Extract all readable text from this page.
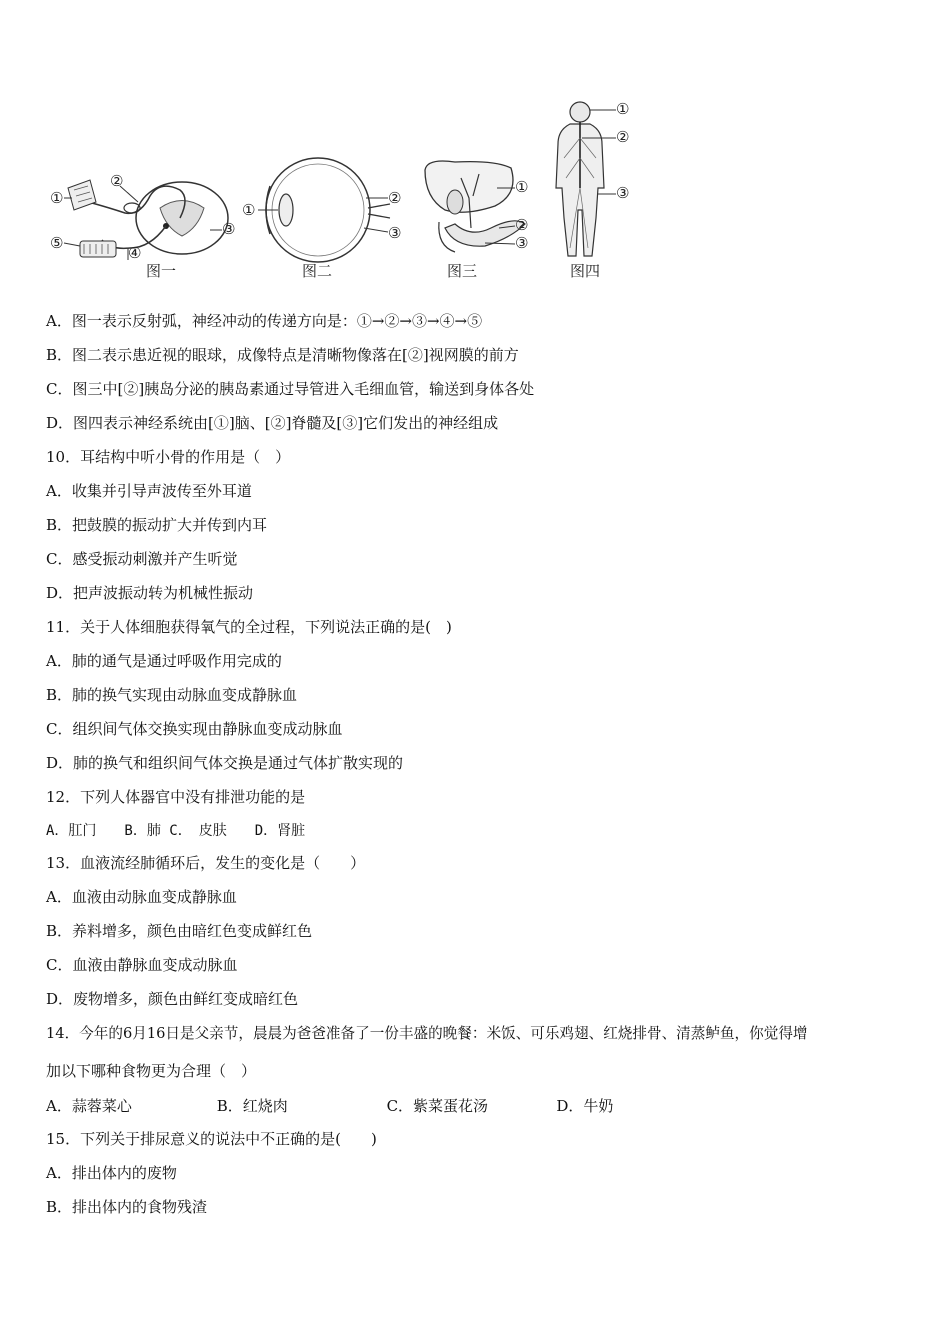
①
②
③
④
⑤
图一
①
②
③
图二
①
②
③
图三
①
②
③
图四
A．图一表示反射弧，神经冲动的传递方向是：①→②→③→④→⑤
B．图二表示患近视的眼球，成像特点是清晰物像落在[②]视网膜的前方
C．图三中[②]胰岛分泌的胰岛素通过导管进入毛细血管，输送到身体各处
D．图四表示神经系统由[①]脑、[②]脊髓及[③]它们发出的神经组成
10．耳结构中听小骨的作用是（　）
A．收集并引导声波传至外耳道
B．把鼓膜的振动扩大并传到内耳
C．感受振动刺激并产生听觉
D．把声波振动转为机械性振动
11．关于人体细胞获得氧气的全过程，下列说法正确的是(　)
A．肺的通气是通过呼吸作用完成的
B．肺的换气实现由动脉血变成静脉血
C．组织间气体交换实现由静脉血变成动脉血
D．肺的换气和组织间气体交换是通过气体扩散实现的
12．下列人体器官中没有排泄功能的是
A．肛门　　B．肺 C．　皮肤　　D．肾脏
13．血液流经肺循环后，发生的变化是（　　）
A．血液由动脉血变成静脉血
B．养料增多，颜色由暗红色变成鲜红色
C．血液由静脉血变成动脉血
D．废物增多，颜色由鲜红变成暗红色
14．今年的6月16日是父亲节，晨晨为爸爸准备了一份丰盛的晚餐：米饭、可乐鸡翅、红烧排骨、清蒸鲈鱼，你觉得增
加以下哪种食物更为合理（　）
A．蒜蓉菜心	B．红烧肉	C．紫菜蛋花汤	D．牛奶
15．下列关于排尿意义的说法中不正确的是(　　)
A．排出体内的废物
B．排出体内的食物残渣
